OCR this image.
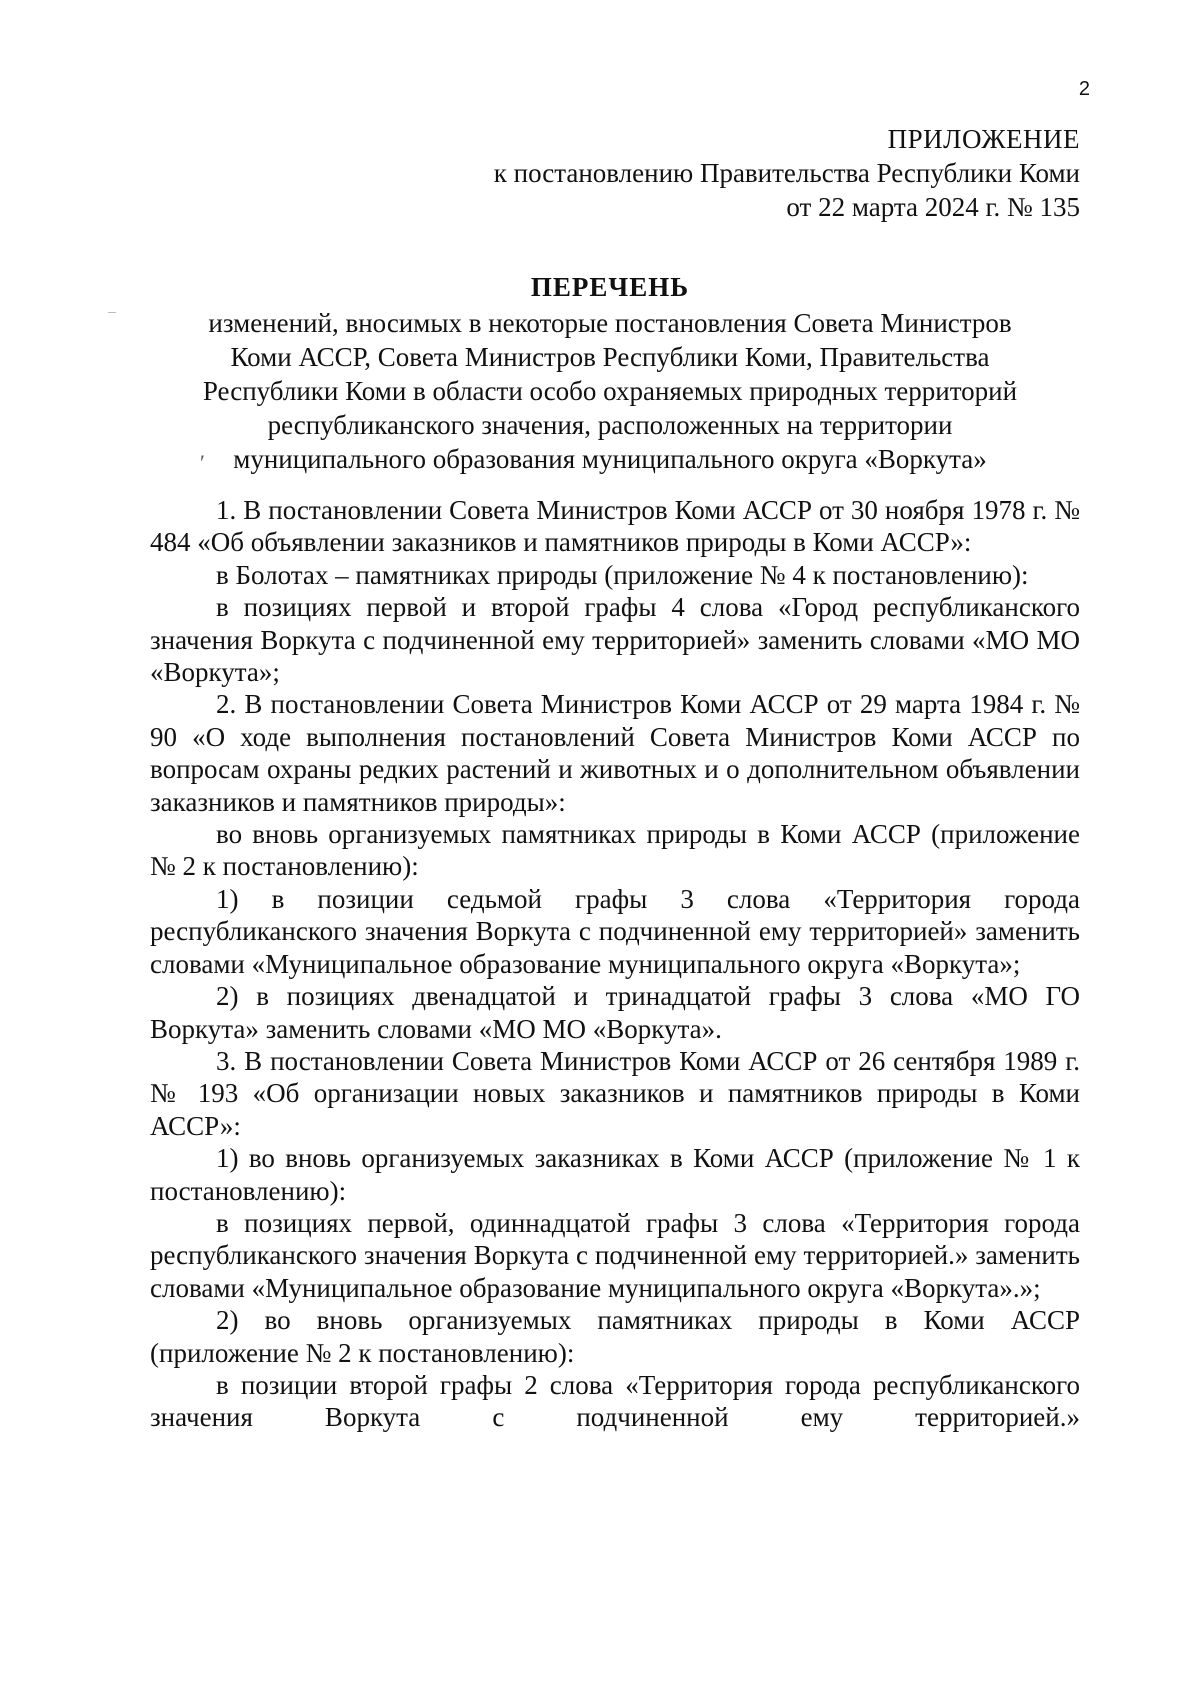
2
ПРИЛОЖЕНИЕ
к постановлению Правительства Республики Коми
от 22 марта 2024 г. № 135
ПЕРЕЧЕНЬ
изменений, вносимых в некоторые постановления Совета Министров
Коми АССР, Совета Министров Республики Коми, Правительства
Республики Коми в области особо охраняемых природных территорий
республиканского значения, расположенных на территории
муниципального образования муниципального округа «Воркута»
′

1. В постановлении Совета Министров Коми АССР от 30 ноября 1978 г. № 484 «Об объявлении заказников и памятников природы в Коми АССР»:

в Болотах – памятниках природы (приложение № 4 к постановлению):

в позициях первой и второй графы 4 слова «Город республиканского значения Воркута с подчиненной ему территорией» заменить словами «МО МО «Воркута»;

2. В постановлении Совета Министров Коми АССР от 29 марта 1984 г. № 90 «О ходе выполнения постановлений Совета Министров Коми АССР по вопросам охраны редких растений и животных и о дополнительном объявлении заказников и памятников природы»:

во вновь организуемых памятниках природы в Коми АССР (приложение № 2 к постановлению):

1) в позиции седьмой графы 3 слова «Территория города республиканского значения Воркута с подчиненной ему территорией» заменить словами «Муниципальное образование муниципального округа «Воркута»;

2) в позициях двенадцатой и тринадцатой графы 3 слова «МО ГО Воркута» заменить словами «МО МО «Воркута».

3. В постановлении Совета Министров Коми АССР от 26 сентября 1989 г. № 193 «Об организации новых заказников и памятников природы в Коми АССР»:

1) во вновь организуемых заказниках в Коми АССР (приложение № 1 к постановлению):

в позициях первой, одиннадцатой графы 3 слова «Территория города республиканского значения Воркута с подчиненной ему территорией.» заменить словами «Муниципальное образование муниципального округа «Воркута».»;

2) во вновь организуемых памятниках природы в Коми АССР (приложение № 2 к постановлению):

в позиции второй графы 2 слова «Территория города республиканского значения Воркута с подчиненной ему территорией.»
